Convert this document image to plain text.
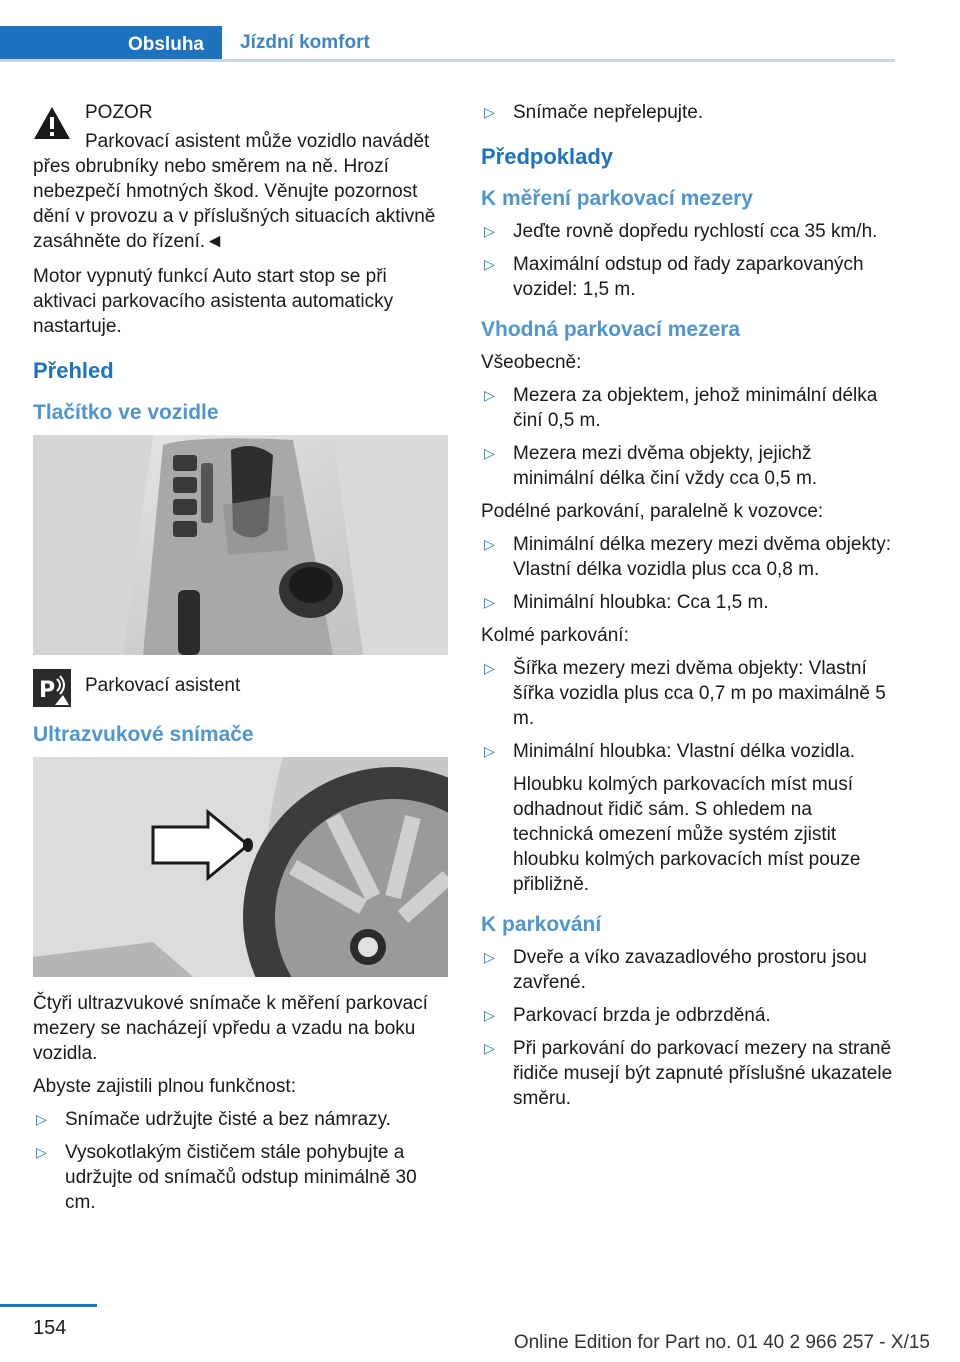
Obsluha	Jízdní komfort

POZOR

Parkovací asistent může vozidlo navádět

přes obrubníky nebo směrem na ně. Hrozí nebezpečí hmotných škod. Věnujte pozornost dění v provozu a v příslušných situacích aktivně zasáhněte do řízení.◄

Motor vypnutý funkcí Auto start stop se při aktivaci parkovacího asistenta automaticky nastartuje.

Přehled
Tlačítko ve vozidle
P Parkovací asistent
Ultrazvukové snímače

Čtyři ultrazvukové snímače k měření parkovací mezery se nacházejí vpředu a vzadu na boku vozidla.

Abyste zajistili plnou funkčnost:

▷ Snímače udržujte čisté a bez námrazy.
▷ Vysokotlakým čističem stále pohybujte a udržujte od snímačů odstup minimálně 30 cm.
▷ Snímače nepřelepujte.
Předpoklady
K měření parkovací mezery
▷ Jeďte rovně dopředu rychlostí cca 35 km/h.
▷ Maximální odstup od řady zaparkovaných vozidel: 1,5 m.
Vhodná parkovací mezera

Všeobecně:

▷ Mezera za objektem, jehož minimální délka činí 0,5 m.
▷ Mezera mezi dvěma objekty, jejichž minimální délka činí vždy cca 0,5 m.

Podélné parkování, paralelně k vozovce:

▷ Minimální délka mezery mezi dvěma objekty: Vlastní délka vozidla plus cca 0,8 m.
▷ Minimální hloubka: Cca 1,5 m.

Kolmé parkování:

▷ Šířka mezery mezi dvěma objekty: Vlastní šířka vozidla plus cca 0,7 m po maximálně 5 m.
▷ Minimální hloubka: Vlastní délka vozidla.

Hloubku kolmých parkovacích míst musí odhadnout řidič sám. S ohledem na technická omezení může systém zjistit hloubku kolmých parkovacích míst pouze přibližně.

K parkování
▷ Dveře a víko zavazadlového prostoru jsou zavřené.
▷ Parkovací brzda je odbrzděná.
▷ Při parkování do parkovací mezery na straně řidiče musejí být zapnuté příslušné ukazatele směru.
154
Online Edition for Part no. 01 40 2 966 257 - X/15
